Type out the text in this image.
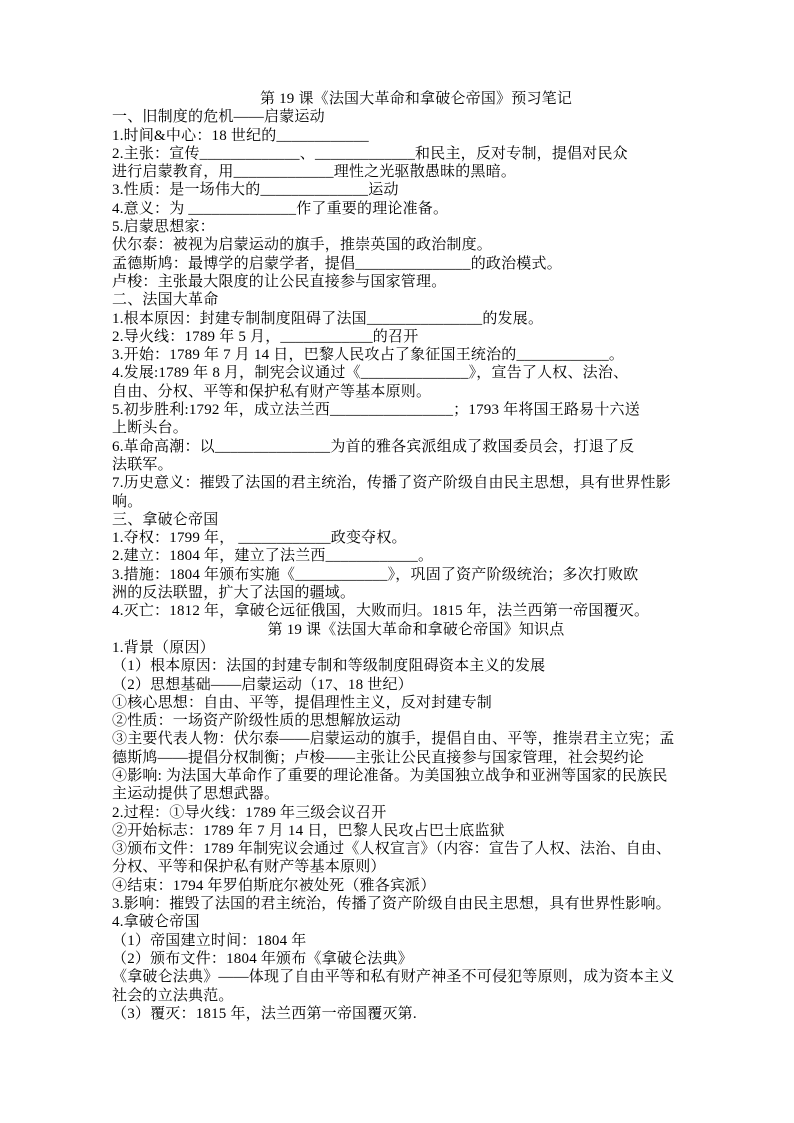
第 19 课《法国大革命和拿破仑帝国》预习笔记
一、旧制度的危机——启蒙运动
1.时间&中心：18 世纪的____________
2.主张：宣传_____________、_____________和民主，反对专制，提倡对民众
进行启蒙教育，用_____________理性之光驱散愚昧的黑暗。
3.性质：是一场伟大的______________运动
4.意义：为 ______________作了重要的理论准备。
5.启蒙思想家：
伏尔泰：被视为启蒙运动的旗手，推崇英国的政治制度。
孟德斯鸠：最博学的启蒙学者，提倡_______________的政治模式。
卢梭：主张最大限度的让公民直接参与国家管理。
二、法国大革命
1.根本原因：封建专制制度阻碍了法国_______________的发展。
2.导火线：1789 年 5 月，____________的召开
3.开始：1789 年 7 月 14 日，巴黎人民攻占了象征国王统治的____________。
4.发展:1789 年 8 月，制宪会议通过《______________》，宣告了人权、法治、
自由、分权、平等和保护私有财产等基本原则。
5.初步胜利:1792 年，成立法兰西________________；1793 年将国王路易十六送
上断头台。
6.革命高潮：以_______________为首的雅各宾派组成了救国委员会，打退了反
法联军。
7.历史意义：摧毁了法国的君主统治，传播了资产阶级自由民主思想，具有世界性影
响。
三、拿破仑帝国
1.夺权：1799 年， ____________政变夺权。
2.建立：1804 年，建立了法兰西____________。
3.措施：1804 年颁布实施《____________》，巩固了资产阶级统治；多次打败欧
洲的反法联盟，扩大了法国的疆域。
4.灭亡：1812 年，拿破仑远征俄国，大败而归。1815 年，法兰西第一帝国覆灭。
第 19 课《法国大革命和拿破仑帝国》知识点
1.背景（原因）
（1）根本原因：法国的封建专制和等级制度阻碍资本主义的发展
（2）思想基础——启蒙运动（17、18 世纪）
①核心思想：自由、平等，提倡理性主义，反对封建专制
②性质：一场资产阶级性质的思想解放运动
③主要代表人物：伏尔泰——启蒙运动的旗手，提倡自由、平等，推崇君主立宪；孟
德斯鸠——提倡分权制衡；卢梭——主张让公民直接参与国家管理，社会契约论
④影响: 为法国大革命作了重要的理论准备。为美国独立战争和亚洲等国家的民族民
主运动提供了思想武器。
2.过程：①导火线：1789 年三级会议召开
②开始标志：1789 年 7 月 14 日，巴黎人民攻占巴士底监狱
③颁布文件：1789 年制宪议会通过《人权宣言》（内容：宣告了人权、法治、自由、
分权、平等和保护私有财产等基本原则）
④结束：1794 年罗伯斯庇尔被处死（雅各宾派）
3.影响：摧毁了法国的君主统治，传播了资产阶级自由民主思想，具有世界性影响。
4.拿破仑帝国
（1）帝国建立时间：1804 年
（2）颁布文件：1804 年颁布《拿破仑法典》
《拿破仑法典》——体现了自由平等和私有财产神圣不可侵犯等原则，成为资本主义
社会的立法典范。
（3）覆灭：1815 年，法兰西第一帝国覆灭第.
